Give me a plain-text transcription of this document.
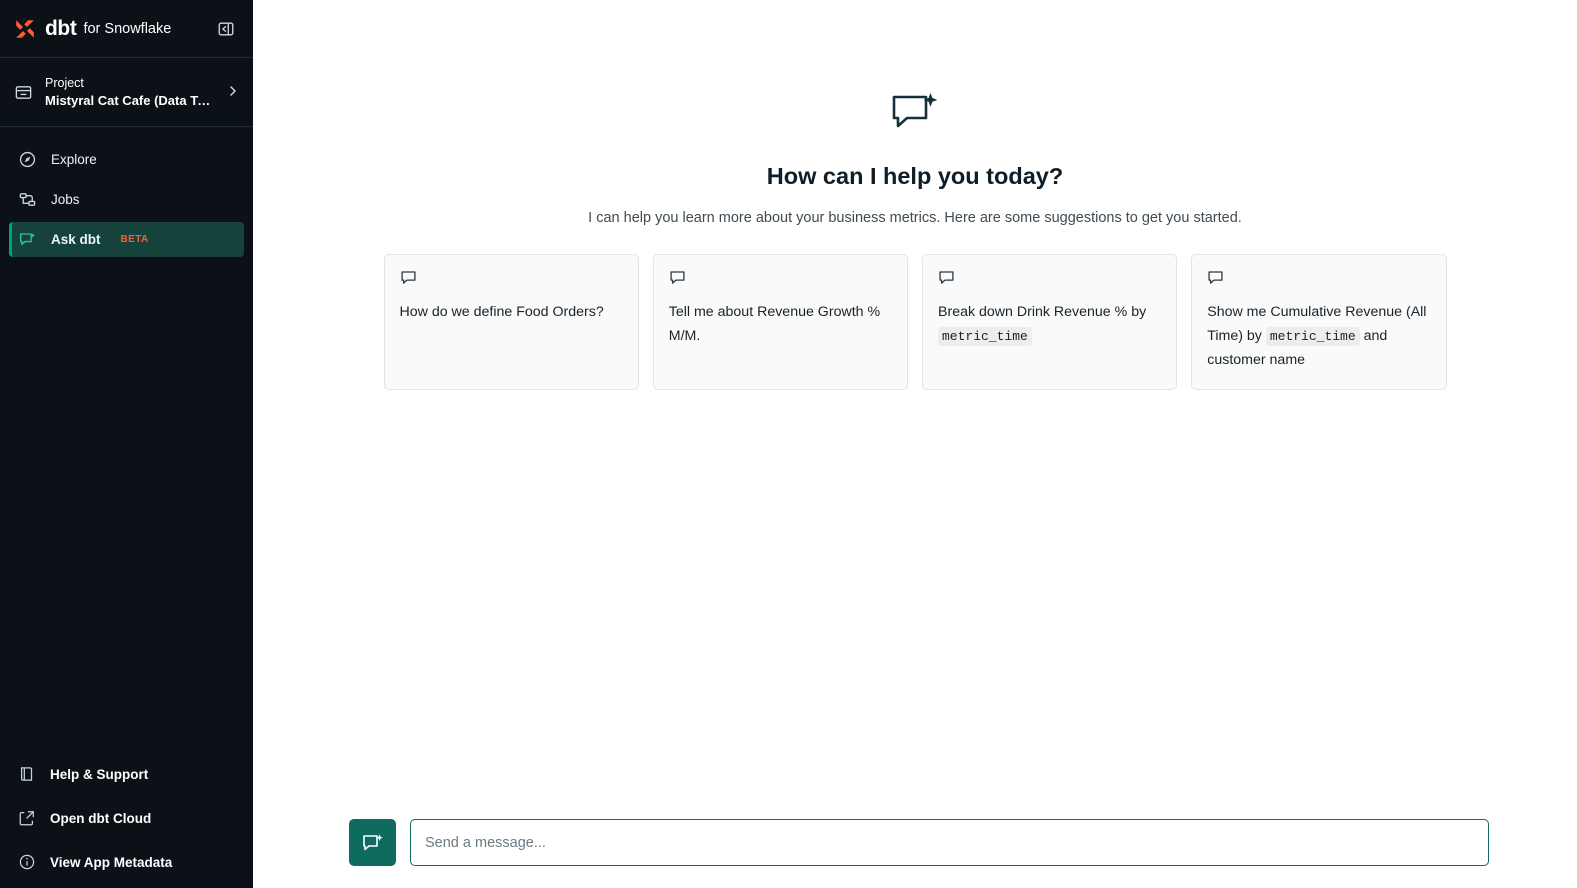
dbt for Snowflake
Project
Mistyral Cat Cafe (Data Te...
Explore
Jobs
Ask dbt BETA
Help & Support
Open dbt Cloud
View App Metadata
How can I help you today?
I can help you learn more about your business metrics. Here are some suggestions to get you started.
How do we define Food Orders?	Tell me about Revenue Growth % M/M.
Break down Drink Revenue % by metric_time
Show me Cumulative Revenue (All Time) by metric_time and customer name
Send a message...
